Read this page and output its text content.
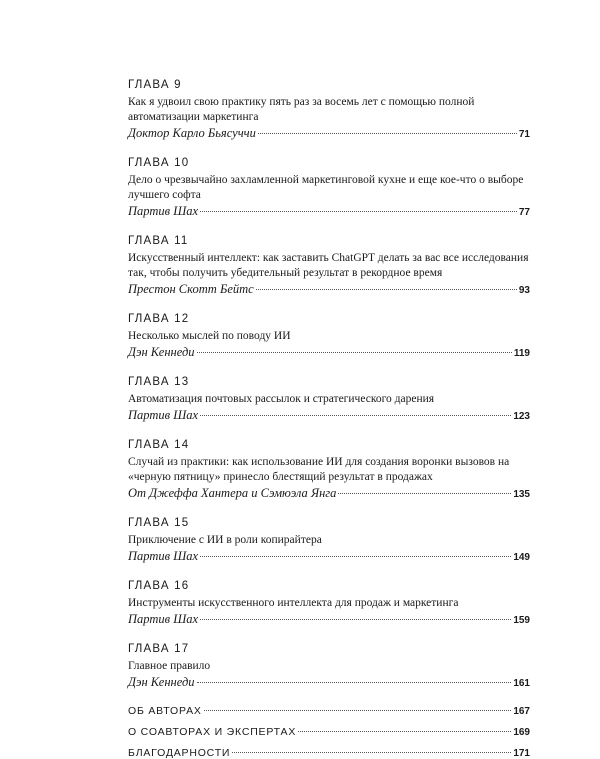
ГЛАВА 9
Как я удвоил свою практику пять раз за восемь лет с помощью полной автоматизации маркетинга
Доктор Карло Бьясуччи	71
ГЛАВА 10
Дело о чрезвычайно захламленной маркетинговой кухне и еще кое-что о выборе лучшего софта
Партив Шах	77
ГЛАВА 11
Искусственный интеллект: как заставить ChatGPT делать за вас все исследования так, чтобы получить убедительный результат в рекордное время
Престон Скотт Бейтс	93
ГЛАВА 12
Несколько мыслей по поводу ИИ
Дэн Кеннеди	119
ГЛАВА 13
Автоматизация почтовых рассылок и стратегического дарения
Партив Шах	123
ГЛАВА 14
Случай из практики: как использование ИИ для создания воронки вызовов на «черную пятницу» принесло блестящий результат в продажах
От Джеффа Хантера и Сэмюэла Янга	135
ГЛАВА 15
Приключение с ИИ в роли копирайтера
Партив Шах	149
ГЛАВА 16
Инструменты искусственного интеллекта для продаж и маркетинга
Партив Шах	159
ГЛАВА 17
Главное правило
Дэн Кеннеди	161
ОБ АВТОРАХ	167
О СОАВТОРАХ И ЭКСПЕРТАХ	169
БЛАГОДАРНОСТИ	171
